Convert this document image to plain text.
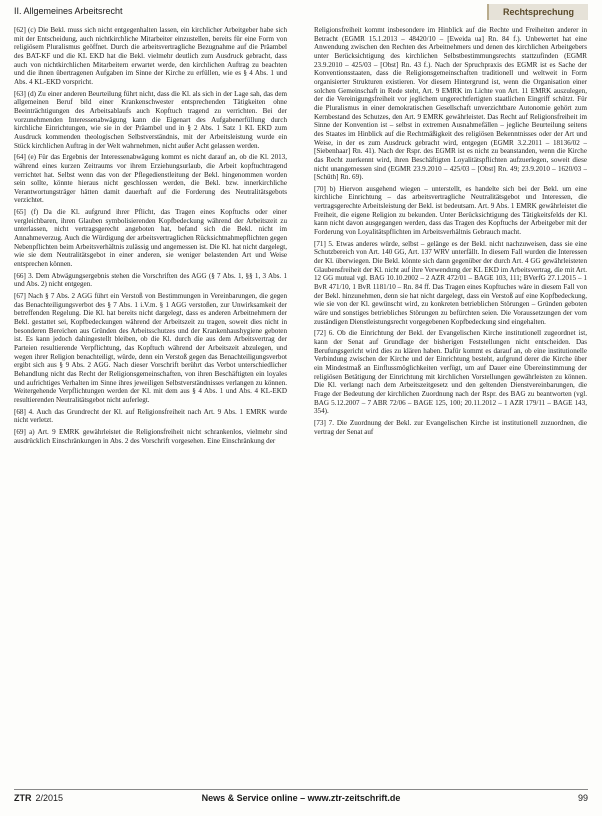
II. Allgemeines Arbeitsrecht	Rechtsprechung

[62] (c) Die Bekl. muss sich nicht entgegenhalten lassen, ein kirchlicher Arbeitgeber habe sich mit der Entscheidung, auch nichtkirchliche Mitarbeiter einzustellen, bereits für eine Form von religiösem Pluralismus geöffnet. Durch die arbeitsvertragliche Bezugnahme auf die Präambel des BAT-KF und die KL EKD hat die Bekl. vielmehr deutlich zum Ausdruck gebracht, dass auch von nichtkirchlichen Mitarbeitern erwartet werde, den kirchlichen Auftrag zu beachten und die ihnen übertragenen Aufgaben im Sinne der Kirche zu erfüllen, wie es § 4 Abs. 1 und Abs. 4 KL-EKD vorspricht.

[63] (d) Zu einer anderen Beurteilung führt nicht, dass die Kl. als sich in der Lage sah, das dem allgemeinen Beruf bild einer Krankenschwester entsprechenden Tätigkeiten ohne Beeinträchtigungen des Arbeitsablaufs auch Kopftuch tragend zu verrichten. Bei der vorzunehmenden Interessenabwägung kann die Eigenart des Aufgabenerfüllung durch kirchliche Einrichtungen, wie sie in der Präambel und in § 2 Abs. 1 Satz 1 KL EKD zum Ausdruck kommenden theologischen Selbstverständnis, mit der Arbeitsleistung wurde ein Stück kirchlichen Auftrag in der Welt wahrnehmen, nicht außer Acht gelassen werden.

[64] (e) Für das Ergebnis der Interessenabwägung kommt es nicht darauf an, ob die Kl. 2013, während eines kurzen Zeitraums vor ihrem Erziehungsurlaub, die Arbeit kopftuchtragend verrichtet hat. Selbst wenn das von der Pflegedienstleitung der Bekl. hingenommen worden sein sollte, könnte hieraus nicht geschlossen werden, die Bekl. bzw. innerkirchliche Verantwortungsträger hätten damit dauerhaft auf die Forderung des Neutralitätsgebots verzichtet.

[65] (f) Da die Kl. aufgrund ihrer Pflicht, das Tragen eines Kopftuchs oder einer vergleichbaren, ihren Glauben symbolisierenden Kopfbedeckung während der Arbeitszeit zu unterlassen, nicht vertragsgerecht angeboten hat, befand sich die Bekl. nicht im Annahmeverzug. Auch die Würdigung der arbeitsvertraglichen Rücksichtnahmepflichten gegen Nebenpflichten beim Arbeitsverhältnis zulässig und angemessen ist. Die Kl. hat nicht dargelegt, wie sie dem Neutralitätsgebot in einer anderen, sie weniger belastenden Art und Weise entsprechen können.

[66] 3. Dem Abwägungsergebnis stehen die Vorschriften des AGG (§ 7 Abs. 1, §§ 1, 3 Abs. 1 und Abs. 2) nicht entgegen.

[67] Nach § 7 Abs. 2 AGG führt ein Verstoß von Bestimmungen in Vereinbarungen, die gegen das Benachteiligungsverbot des § 7 Abs. 1 i.V.m. § 1 AGG verstoßen, zur Unwirksamkeit der betreffenden Regelung. Die Kl. hat bereits nicht dargelegt, dass es anderen Arbeitnehmern der Bekl. gestattet sei, Kopfbedeckungen während der Arbeitszeit zu tragen, soweit dies nicht in besonderen Bereichen aus Gründen des Arbeitsschutzes und der Krankenhaushygiene geboten ist. Es kann jedoch dahingestellt bleiben, ob die Kl. durch die aus dem Arbeitsvertrag der Parteien resultierende Verpflichtung, das Kopftuch während der Arbeitszeit abzulegen, und wegen ihrer Religion benachteiligt, würde, denn ein Verstoß gegen das Benachteiligungsverbot ergibt sich aus § 9 Abs. 2 AGG. Nach dieser Vorschrift berührt das Verbot unterschiedlicher Behandlung nicht das Recht der Religionsgemeinschaften, von ihren Beschäftigten ein loyales und aufrichtiges Verhalten im Sinne ihres jeweiligen Selbstverständnisses verlangen zu können. Weitergehende Verpflichtungen werden der Kl. mit dem aus § 4 Abs. 1 und Abs. 4 KL-EKD resultierenden Neutralitätsgebot nicht auferlegt.

[68] 4. Auch das Grundrecht der Kl. auf Religionsfreiheit nach Art. 9 Abs. 1 EMRK wurde nicht verletzt.

[69] a) Art. 9 EMRK gewährleistet die Religionsfreiheit nicht schrankenlos, vielmehr sind ausdrücklich Einschränkungen in Abs. 2 des Vorschrift vorgesehen. Eine Einschränkung der

Religionsfreiheit kommt insbesondere im Hinblick auf die Rechte und Freiheiten anderer in Betracht (EGMR 15.1.2013 – 48420/10 – [Eweida ua] Rn. 84 f.). Unbewertet hat eine Anwendung zwischen den Rechten des Arbeitnehmers und denen des kirchlichen Arbeitgebers unter Berücksichtigung des kirchlichen Selbstbestimmungsrechts stattzufinden (EGMR 23.9.2010 – 425/03 – [Obst] Rn. 43 f.). Nach der Spruchpraxis des EGMR ist es Sache der Konventionsstaaten, dass die Religionsgemeinschaften traditionell und weltweit in Form organisierter Strukturen existieren. Vor diesem Hintergrund ist, wenn die Organisation einer solchen Gemeinschaft in Rede steht, Art. 9 EMRK im Lichte von Art. 11 EMRK auszulegen, der die Vereinigungsfreiheit vor jeglichem ungerechtfertigten staatlichen Eingriff schützt. Für die Pluralismus in einer demokratischen Gesellschaft unverzichtbare Autonomie gehört zum Kernbestand des Schutzes, den Art. 9 EMRK gewährleistet. Das Recht auf Religionsfreiheit im Sinne der Konvention ist – selbst in extremen Ausnahmefällen – jegliche Beurteilung seitens des Staates im Hinblick auf die Rechtmäßigkeit des religiösen Bekenntnisses oder der Art und Weise, in der es zum Ausdruck gebracht wird, entgegen (EGMR 3.2.2011 – 18136/02 – [Siebenhaar] Rn. 41). Nach der Rspr. des EGMR ist es nicht zu beanstanden, wenn die Kirche das Recht zuerkennt wird, ihren Beschäftigten Loyalitätspflichten aufzuerlegen, soweit diese nicht unangemessen sind (EGMR 23.9.2010 – 425/03 – [Obst] Rn. 49; 23.9.2010 – 1620/03 – [Schüth] Rn. 69).

[70] b) Hiervon ausgehend wiegen – unterstellt, es handelte sich bei der Bekl. um eine kirchliche Einrichtung – das arbeitsvertragliche Neutralitätsgebot und Interessen, die vertragsgerechte Arbeitsleistung der Bekl. ist bedeutsam. Art. 9 Abs. 1 EMRK gewährleistet die Freiheit, die eigene Religion zu bekunden. Unter Berücksichtigung des Tätigkeitsfelds der Kl. kann nicht davon ausgegangen werden, dass das Tragen des Kopftuchs der Arbeitgeber mit der Forderung von Loyalitätspflichten im Arbeitsverhältnis Gebrauch macht.

[71] 5. Etwas anderes würde, selbst – gelänge es der Bekl. nicht nachzuweisen, dass sie eine Schutzbereich von Art. 140 GG, Art. 137 WRV unterfällt. In diesem Fall wurden die Interessen der Kl. überwiegen. Die Bekl. könnte sich dann gegenüber der durch Art. 4 GG gewährleisteten Glaubensfreiheit der Kl. nicht auf ihre Verwendung der KL EKD im Arbeitsvertrag, die mit Art. 12 GG mutual vgl. BAG 10.10.2002 – 2 AZR 472/01 – BAGE 103, 111; BVerfG 27.1.2015 – 1 BvR 471/10, 1 BvR 1181/10 – Rn. 84 ff. Das Tragen eines Kopftuches wäre in diesem Fall von der Bekl. hinzunehmen, denn sie hat nicht dargelegt, dass ein Verstoß auf eine Kopfbedeckung, wie sie von der Kl. gewünscht wird, zu konkreten betrieblichen Störungen – Gründen geboten wäre und sonstiges betriebliches Störungen zu befürchten seien. Die Voraussetzungen der vom zuständigen Dienstleistungsrecht vorgegebenen Kopfbedeckung sind eingehalten.

[72] 6. Ob die Einrichtung der Bekl. der Evangelischen Kirche institutionell zugeordnet ist, kann der Senat auf Grundlage der bisherigen Feststellungen nicht entscheiden. Das Berufungsgericht wird dies zu klären haben. Dafür kommt es darauf an, ob eine institutionelle Verbindung zwischen der Kirche und der Einrichtung besteht, aufgrund derer die Kirche über ein Mindestmaß an Einflussmöglichkeiten verfügt, um auf Dauer eine Übereinstimmung der religiösen Betätigung der Einrichtung mit kirchlichen Vorstellungen gewährleisten zu können. Die Kl. verlangt nach dem Arbeitszeitgesetz und den geltenden Dienstvereinbarungen, die Frage der Bedeutung der kirchlichen Zuordnung nach der Rspr. des BAG zu beantworten (vgl. BAG 5.12.2007 – 7 ABR 72/06 – BAGE 125, 100; 20.11.2012 – 1 AZR 179/11 – BAGE 143, 354).

[73] 7. Die Zuordnung der Bekl. zur Evangelischen Kirche ist institutionell zuzuordnen, die vertrag der Senat auf

ZTR 2/2015	News & Service online – www.ztr-zeitschrift.de	99
